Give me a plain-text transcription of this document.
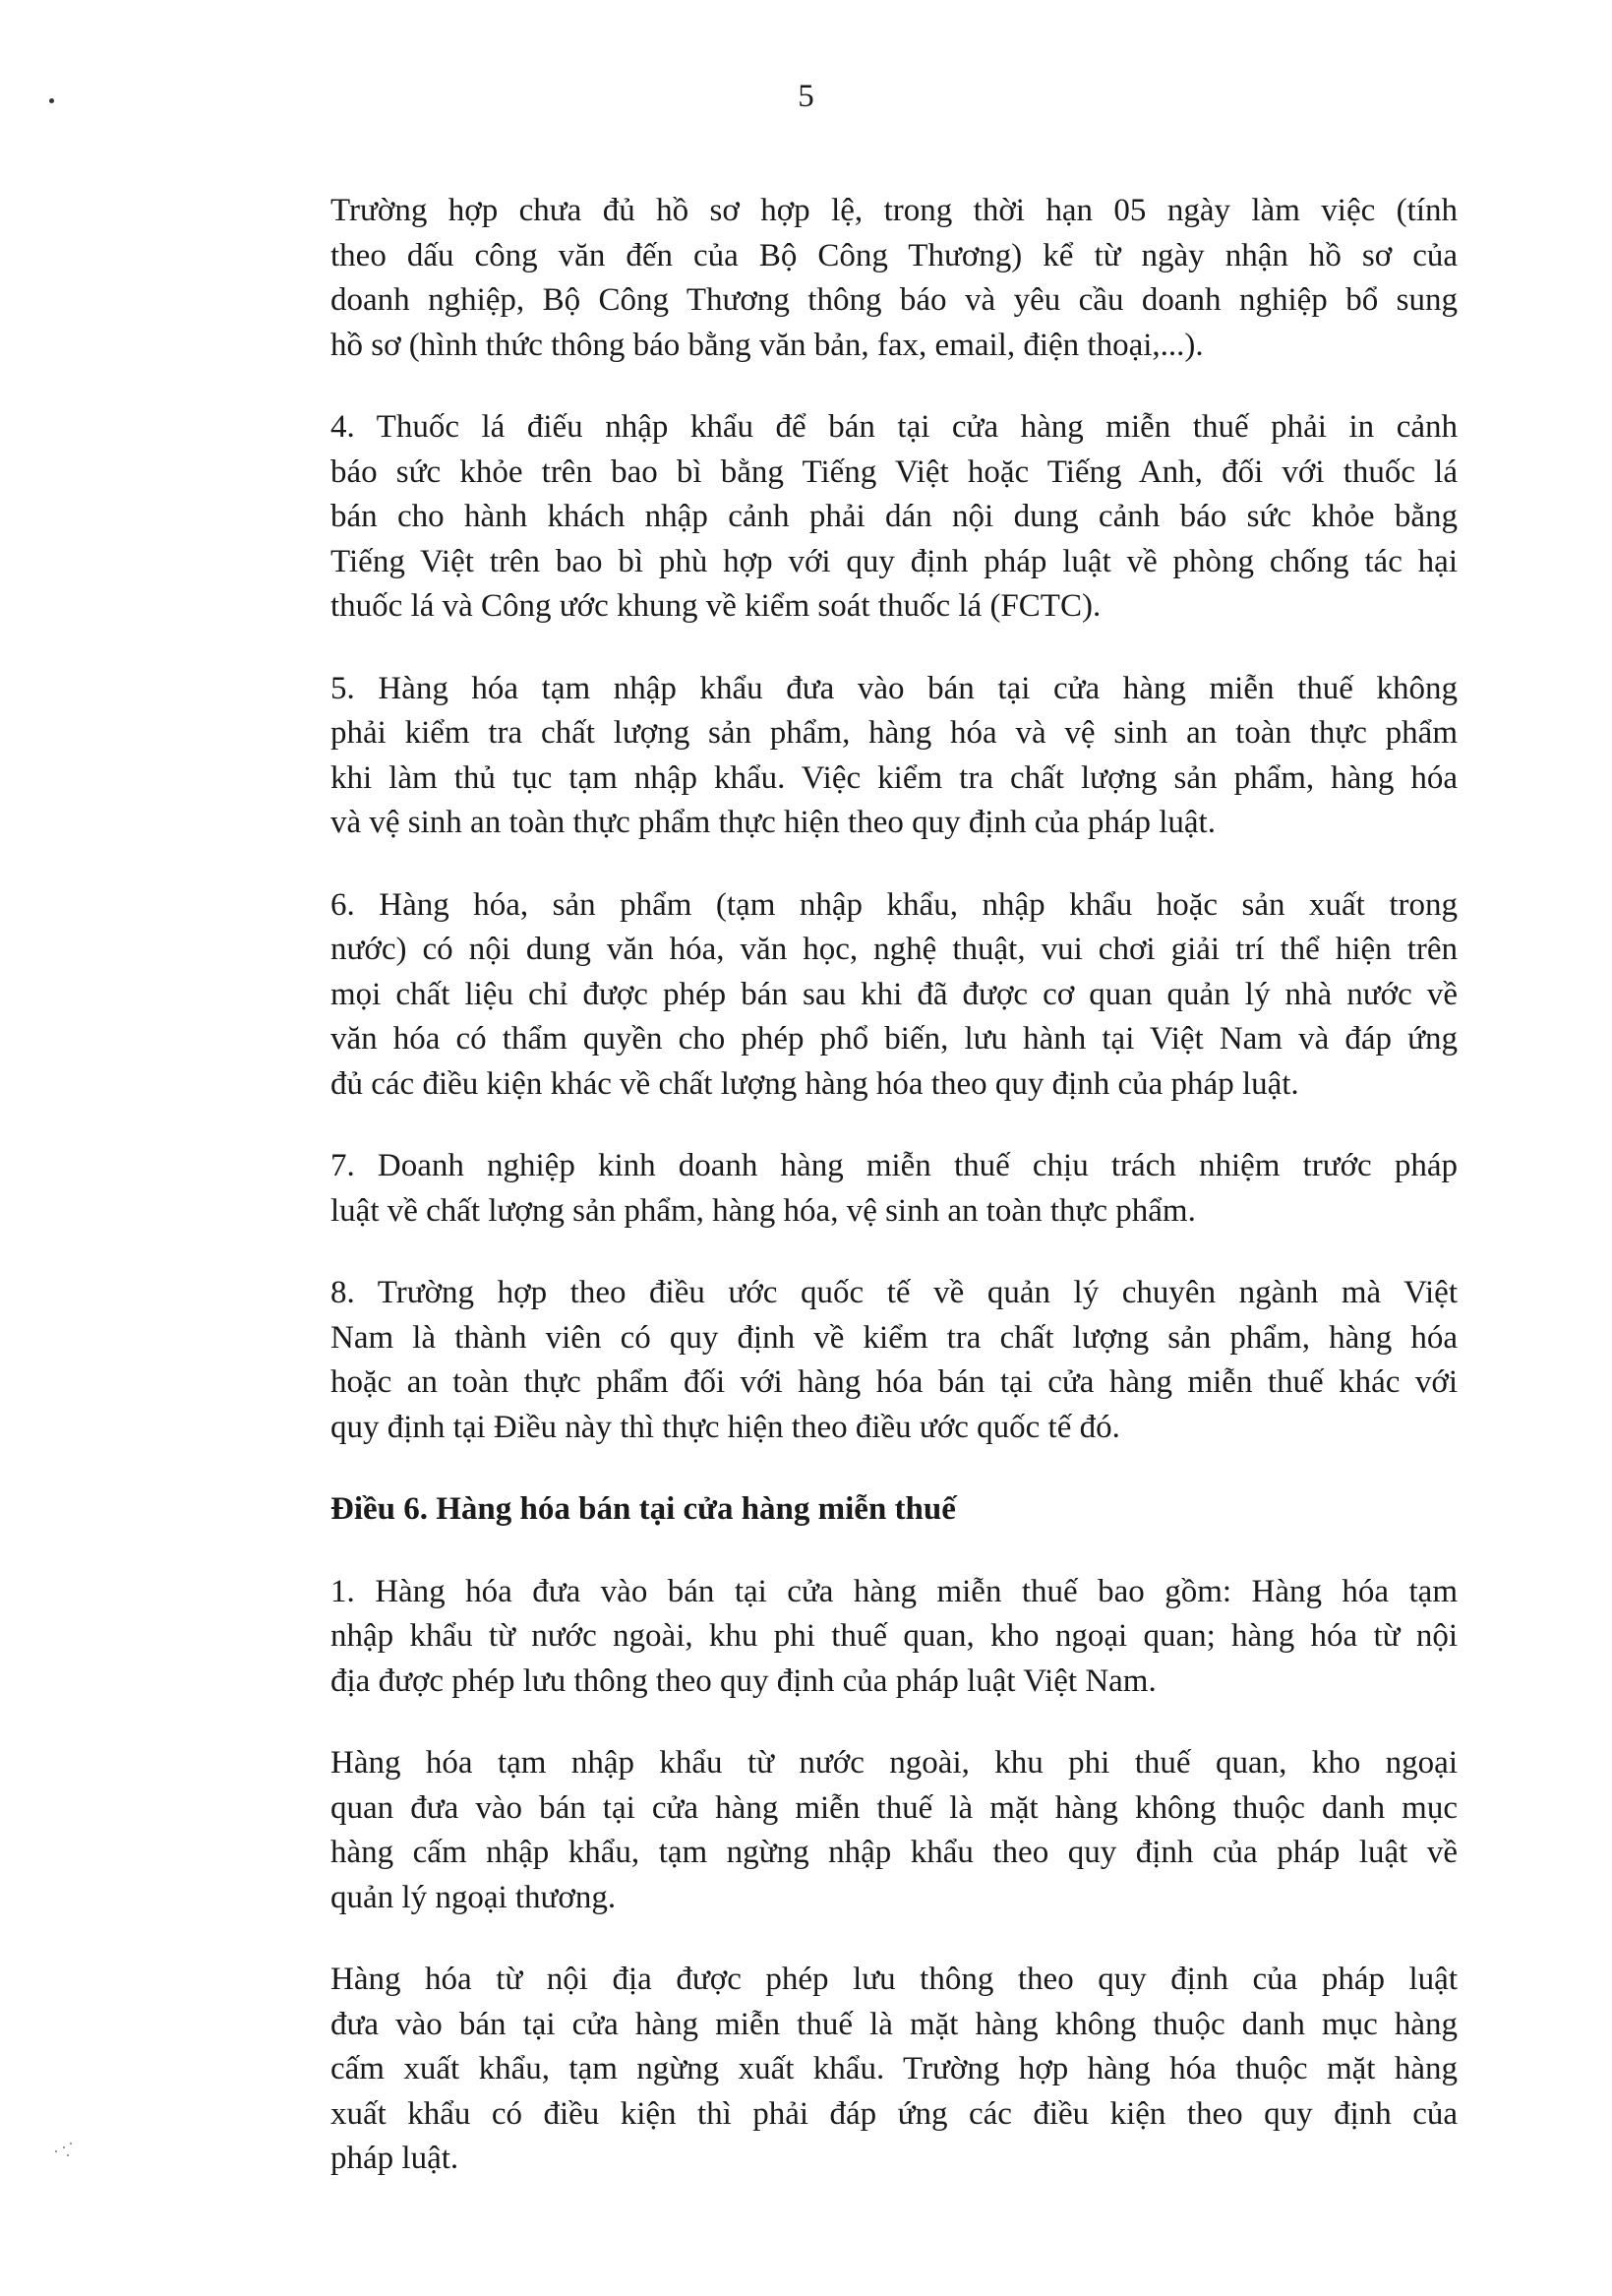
5

Trường hợp chưa đủ hồ sơ hợp lệ, trong thời hạn 05 ngày làm việc (tính
theo dấu công văn đến của Bộ Công Thương) kể từ ngày nhận hồ sơ của
doanh nghiệp, Bộ Công Thương thông báo và yêu cầu doanh nghiệp bổ sung
hồ sơ (hình thức thông báo bằng văn bản, fax, email, điện thoại,...).

4. Thuốc lá điếu nhập khẩu để bán tại cửa hàng miễn thuế phải in cảnh
báo sức khỏe trên bao bì bằng Tiếng Việt hoặc Tiếng Anh, đối với thuốc lá
bán cho hành khách nhập cảnh phải dán nội dung cảnh báo sức khỏe bằng
Tiếng Việt trên bao bì phù hợp với quy định pháp luật về phòng chống tác hại
thuốc lá và Công ước khung về kiểm soát thuốc lá (FCTC).

5. Hàng hóa tạm nhập khẩu đưa vào bán tại cửa hàng miễn thuế không
phải kiểm tra chất lượng sản phẩm, hàng hóa và vệ sinh an toàn thực phẩm
khi làm thủ tục tạm nhập khẩu. Việc kiểm tra chất lượng sản phẩm, hàng hóa
và vệ sinh an toàn thực phẩm thực hiện theo quy định của pháp luật.

6. Hàng hóa, sản phẩm (tạm nhập khẩu, nhập khẩu hoặc sản xuất trong
nước) có nội dung văn hóa, văn học, nghệ thuật, vui chơi giải trí thể hiện trên
mọi chất liệu chỉ được phép bán sau khi đã được cơ quan quản lý nhà nước về
văn hóa có thẩm quyền cho phép phổ biến, lưu hành tại Việt Nam và đáp ứng
đủ các điều kiện khác về chất lượng hàng hóa theo quy định của pháp luật.

7. Doanh nghiệp kinh doanh hàng miễn thuế chịu trách nhiệm trước pháp
luật về chất lượng sản phẩm, hàng hóa, vệ sinh an toàn thực phẩm.

8. Trường hợp theo điều ước quốc tế về quản lý chuyên ngành mà Việt
Nam là thành viên có quy định về kiểm tra chất lượng sản phẩm, hàng hóa
hoặc an toàn thực phẩm đối với hàng hóa bán tại cửa hàng miễn thuế khác với
quy định tại Điều này thì thực hiện theo điều ước quốc tế đó.

Điều 6. Hàng hóa bán tại cửa hàng miễn thuế

1. Hàng hóa đưa vào bán tại cửa hàng miễn thuế bao gồm: Hàng hóa tạm
nhập khẩu từ nước ngoài, khu phi thuế quan, kho ngoại quan; hàng hóa từ nội
địa được phép lưu thông theo quy định của pháp luật Việt Nam.

Hàng hóa tạm nhập khẩu từ nước ngoài, khu phi thuế quan, kho ngoại
quan đưa vào bán tại cửa hàng miễn thuế là mặt hàng không thuộc danh mục
hàng cấm nhập khẩu, tạm ngừng nhập khẩu theo quy định của pháp luật về
quản lý ngoại thương.

Hàng hóa từ nội địa được phép lưu thông theo quy định của pháp luật
đưa vào bán tại cửa hàng miễn thuế là mặt hàng không thuộc danh mục hàng
cấm xuất khẩu, tạm ngừng xuất khẩu. Trường hợp hàng hóa thuộc mặt hàng
xuất khẩu có điều kiện thì phải đáp ứng các điều kiện theo quy định của
pháp luật.
